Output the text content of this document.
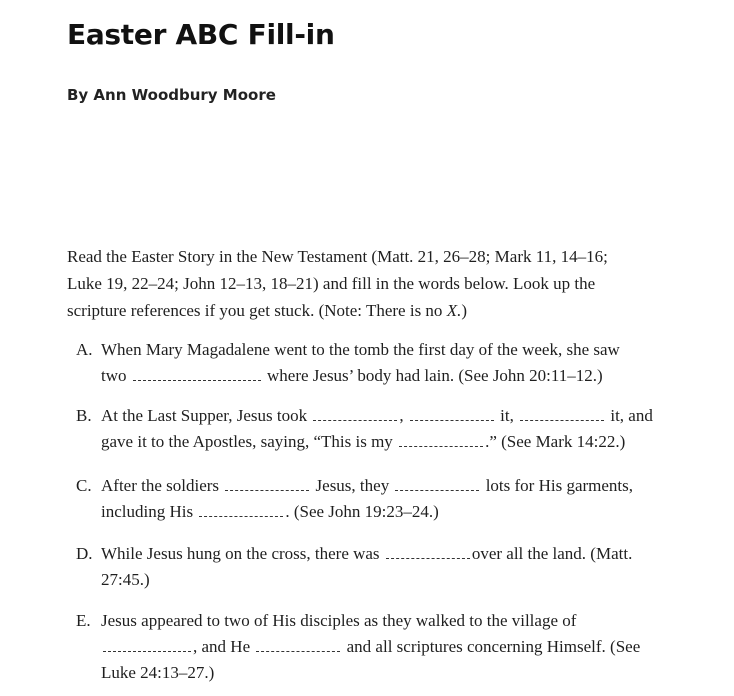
Easter ABC Fill-in

By Ann Woodbury Moore

Read the Easter Story in the New Testament (Matt. 21, 26–28; Mark 11, 14–16;
Luke 19, 22–24; John 12–13, 18–21) and fill in the words below. Look up the
scripture references if you get stuck. (Note: There is no X.)

A. When Mary Magadalene went to the tomb the first day of the week, she saw
two	where Jesus’ body had lain. (See John 20:11–12.)
B. At the Last Supper, Jesus took	,	it,	it, and
gave it to the Apostles, saying, “This is my	.” (See Mark 14:22.)
C. After the soldiers	Jesus, they	lots for His garments,
including His	. (See John 19:23–24.)
D. While Jesus hung on the cross, there was	over all the land. (Matt.
27:45.)
E. Jesus appeared to two of His disciples as they walked to the village of
, and He	and all scriptures concerning Himself. (See
Luke 24:13–27.)
